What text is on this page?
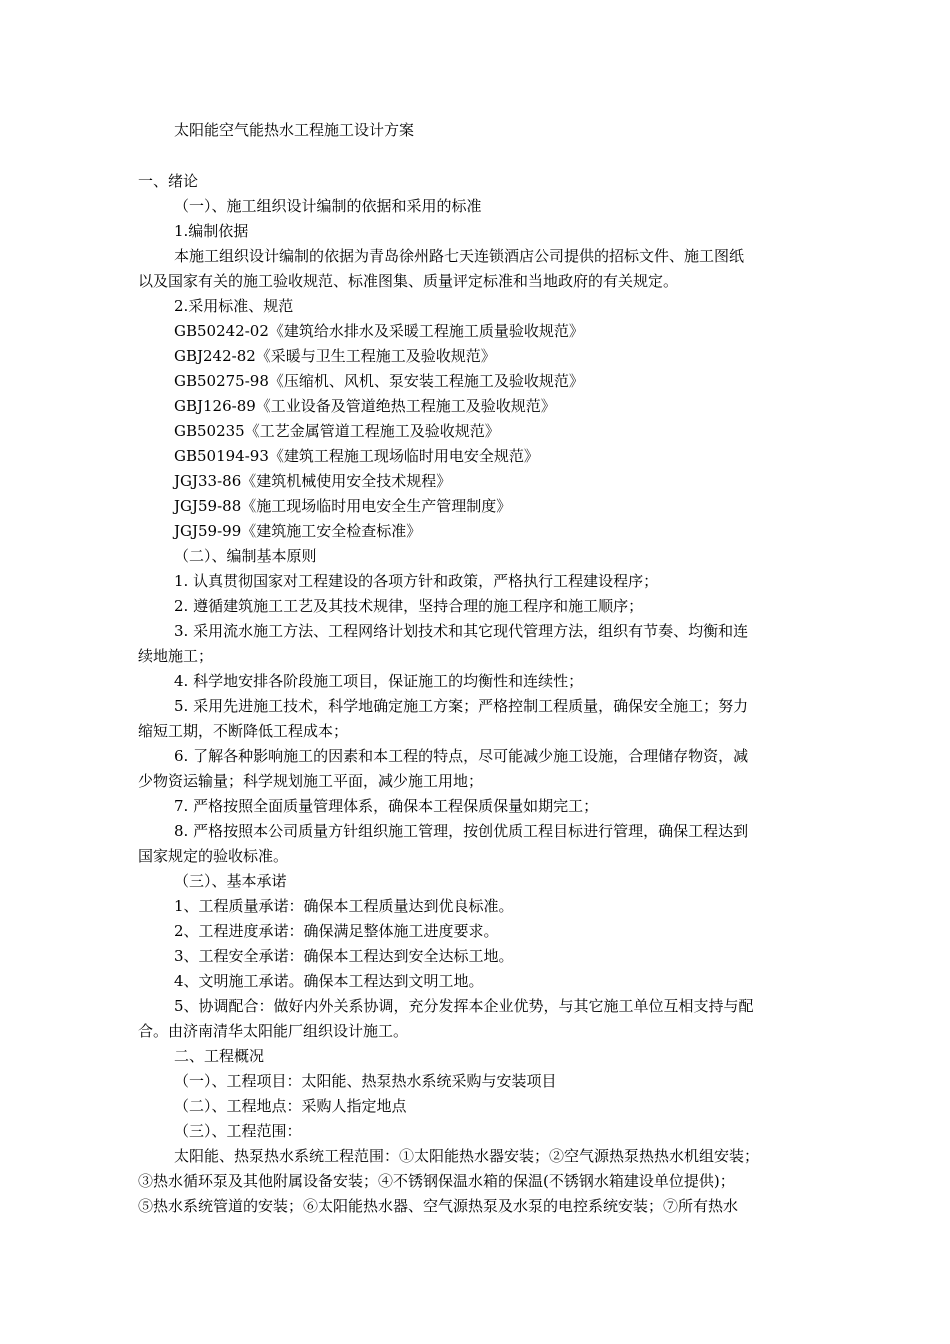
太阳能空气能热水工程施工设计方案
一、绪论
（一）、施工组织设计编制的依据和采用的标准
1.编制依据
本施工组织设计编制的依据为青岛徐州路七天连锁酒店公司提供的招标文件、施工图纸
以及国家有关的施工验收规范、标准图集、质量评定标准和当地政府的有关规定。
2.采用标准、规范
GB50242-02《建筑给水排水及采暖工程施工质量验收规范》
GBJ242-82《采暖与卫生工程施工及验收规范》
GB50275-98《压缩机、风机、泵安装工程施工及验收规范》
GBJ126-89《工业设备及管道绝热工程施工及验收规范》
GB50235《工艺金属管道工程施工及验收规范》
GB50194-93《建筑工程施工现场临时用电安全规范》
JGJ33-86《建筑机械使用安全技术规程》
JGJ59-88《施工现场临时用电安全生产管理制度》
JGJ59-99《建筑施工安全检查标准》
（二）、编制基本原则
1. 认真贯彻国家对工程建设的各项方针和政策，严格执行工程建设程序；
2. 遵循建筑施工工艺及其技术规律，坚持合理的施工程序和施工顺序；
3. 采用流水施工方法、工程网络计划技术和其它现代管理方法，组织有节奏、均衡和连
续地施工；
4. 科学地安排各阶段施工项目，保证施工的均衡性和连续性；
5. 采用先进施工技术，科学地确定施工方案；严格控制工程质量，确保安全施工；努力
缩短工期，不断降低工程成本；
6. 了解各种影响施工的因素和本工程的特点，尽可能减少施工设施，合理储存物资，减
少物资运输量；科学规划施工平面，减少施工用地；
7. 严格按照全面质量管理体系，确保本工程保质保量如期完工；
8. 严格按照本公司质量方针组织施工管理，按创优质工程目标进行管理，确保工程达到
国家规定的验收标准。
（三）、基本承诺
1、工程质量承诺：确保本工程质量达到优良标准。
2、工程进度承诺：确保满足整体施工进度要求。
3、工程安全承诺：确保本工程达到安全达标工地。
4、文明施工承诺。确保本工程达到文明工地。
5、协调配合：做好内外关系协调，充分发挥本企业优势，与其它施工单位互相支持与配
合。由济南清华太阳能厂组织设计施工。
二、工程概况
（一）、工程项目：太阳能、热泵热水系统采购与安装项目
（二）、工程地点：采购人指定地点
（三）、工程范围：
太阳能、热泵热水系统工程范围：①太阳能热水器安装；②空气源热泵热热水机组安装；
③热水循环泵及其他附属设备安装；④不锈钢保温水箱的保温(不锈钢水箱建设单位提供)；
⑤热水系统管道的安装；⑥太阳能热水器、空气源热泵及水泵的电控系统安装；⑦所有热水
